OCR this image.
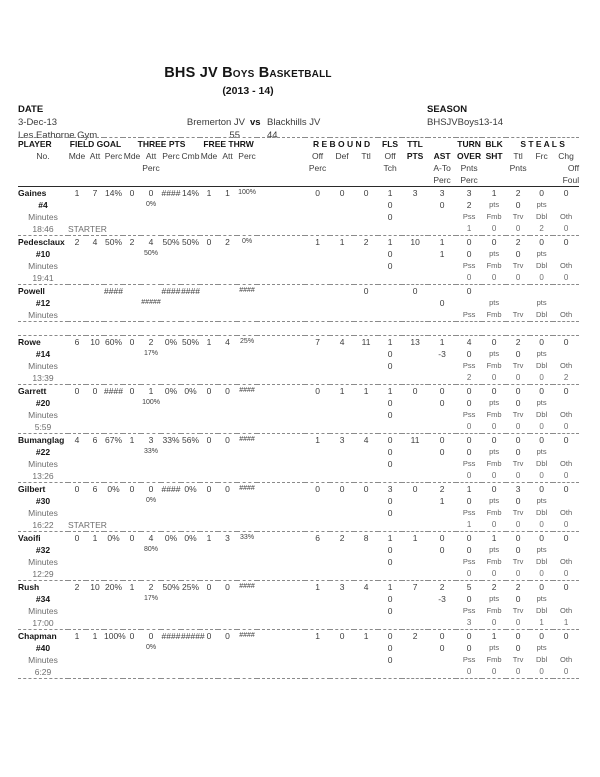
BHS JV Boys Basketball
(2013 - 14)
DATE
3-Dec-13
Les Eathorne Gym
Bremerton JV vs Blackhills JV
55	44
SEASON
BHSJVBoys13-14
PLAYER	FIELD GOAL			THREE PTS				FREE THRW				R E B O U N D			FLS	TTL		TURN	BLK	S T E A L S		
No.	Mde	Att	Perc	Mde	Att	Perc	Cmb	Mde	Att	Perc		Off	Def	Ttl	Off	PTS	AST	OVER	SHT	Ttl	Frc	Chg
					Perc							Perc			Tch		A-To	Pnts		Pnts		Off
																	Perc	Perc				Foul
Gaines	1	7	14%	0	0	####	14%	1	1	100%		0	0	0	1	3	3	3	1	2	0	0
#4					0%										0		0	2	pts	0	pts	
Minutes															0			Pss	Fmb	Trv	Dbl	Oth
18:46	STARTER																	1	0	0	2	0
Pedesclaux	2	4	50%	2	4	50%	50%	0	2	0%		1	1	2	1	10	1	0	0	2	0	0
#10					50%										0		1	0	pts	0	pts	
Minutes															0			Pss	Fmb	Trv	Dbl	Oth
19:41																		0	0	0	0	0
Powell			####			####	####			####				0		0		0				
#12					#####												0		pts		pts	
Minutes																		Pss	Fmb	Trv	Dbl	Oth

Rowe	6	10	60%	0	2	0%	50%	1	4	25%		7	4	11	1	13	1	4	0	2	0	0
#14					17%										0		-3	0	pts	0	pts	
Minutes															0			Pss	Fmb	Trv	Dbl	Oth
13:39																		2	0	0	0	2
Garrett	0	0	####	0	1	0%	0%	0	0	####		0	1	1	1	0	0	0	0	0	0	0
#20					100%										0		0	0	pts	0	pts	
Minutes															0			Pss	Fmb	Trv	Dbl	Oth
5:59																		0	0	0	0	0
Bumanglag	4	6	67%	1	3	33%	56%	0	0	####		1	3	4	0	11	0	0	0	0	0	0
#22					33%										0		0	0	pts	0	pts	
Minutes															0			Pss	Fmb	Trv	Dbl	Oth
13:26																		0	0	0	0	0
Gilbert	0	6	0%	0	0	####	0%	0	0	####		0	0	0	3	0	2	1	0	3	0	0
#30					0%										0		1	0	pts	0	pts	
Minutes															0			Pss	Fmb	Trv	Dbl	Oth
16:22	STARTER																	1	0	0	0	0
Vaoifi	0	1	0%	0	4	0%	0%	1	3	33%		6	2	8	1	1	0	0	1	0	0	0
#32					80%										0		0	0	pts	0	pts	
Minutes															0			Pss	Fmb	Trv	Dbl	Oth
12:29																		0	0	0	0	0
Rush	2	10	20%	1	2	50%	25%	0	0	####		1	3	4	1	7	2	5	2	2	0	0
#34					17%										0		-3	0	pts	0	pts	
Minutes															0			Pss	Fmb	Trv	Dbl	Oth
17:00																		3	0	0	1	1
Chapman	1	1	100%	0	0	####	#####	0	0	####		1	0	1	0	2	0	0	1	0	0	0
#40					0%										0		0	0	pts	0	pts	
Minutes															0			Pss	Fmb	Trv	Dbl	Oth
6:29																		0	0	0	0	0
